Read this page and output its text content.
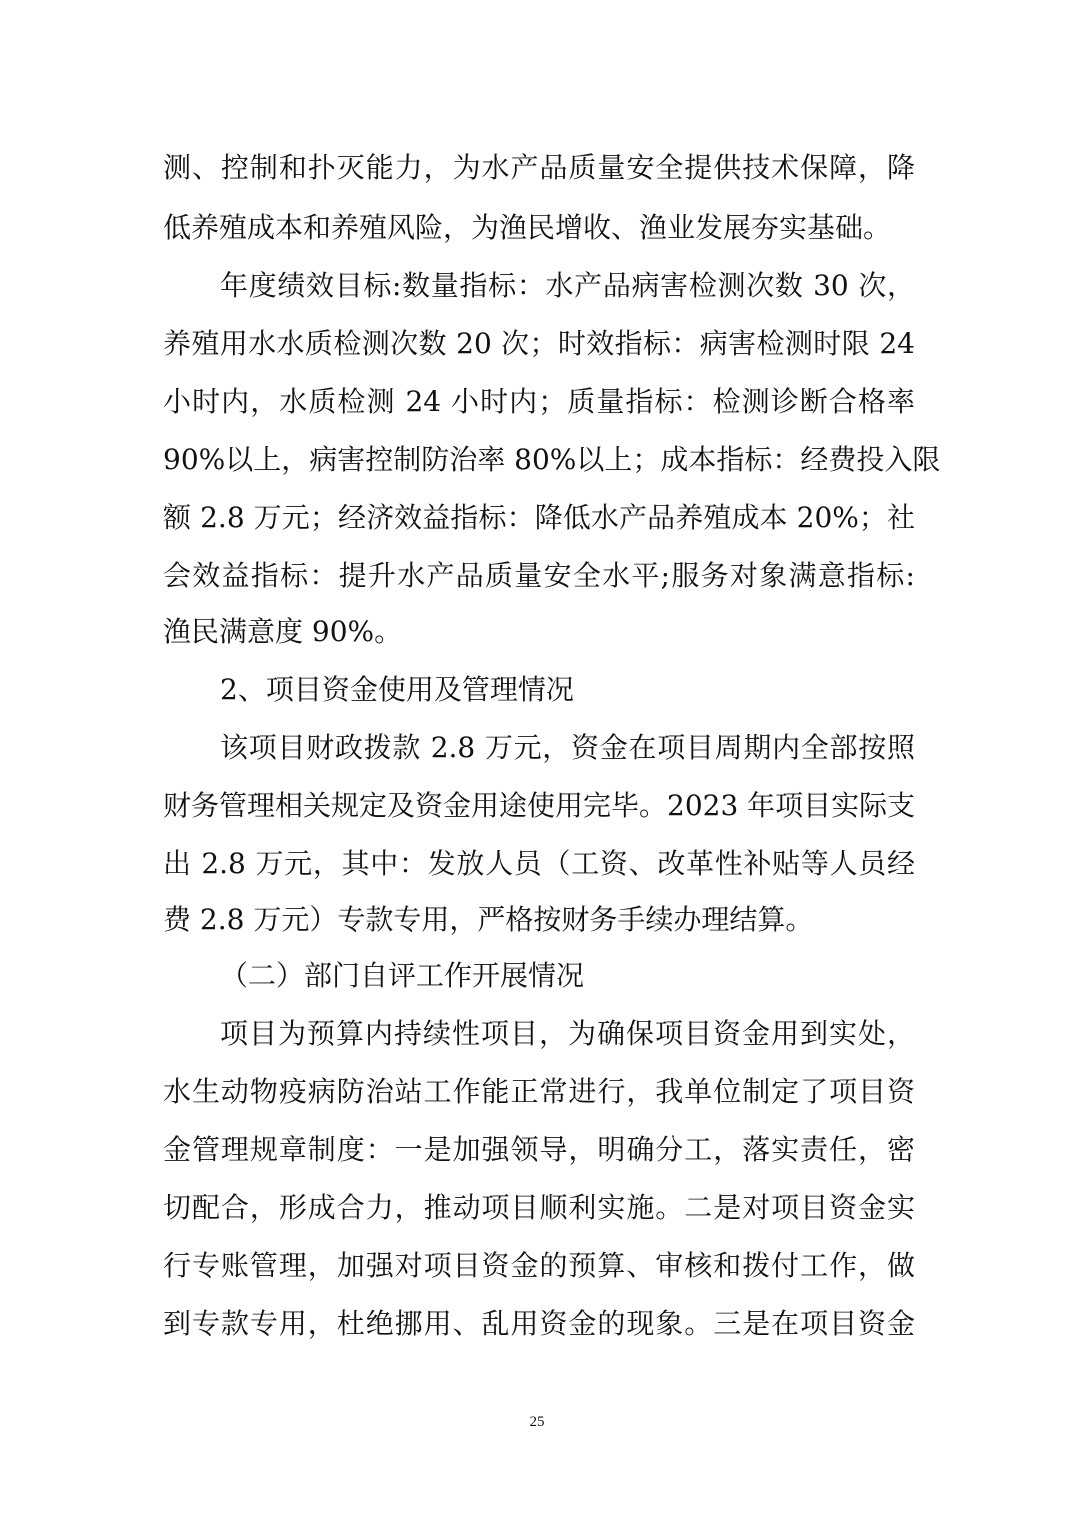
测、控制和扑灭能力，为水产品质量安全提供技术保障，降
低养殖成本和养殖风险，为渔民增收、渔业发展夯实基础。
年度绩效目标:数量指标：水产品病害检测次数 30 次，
养殖用水水质检测次数 20 次；时效指标：病害检测时限 24
小时内，水质检测 24 小时内；质量指标：检测诊断合格率
90%以上，病害控制防治率 80%以上；成本指标：经费投入限
额 2.8 万元；经济效益指标：降低水产品养殖成本 20%；社
会效益指标：提升水产品质量安全水平;服务对象满意指标:
渔民满意度 90%。
2、项目资金使用及管理情况
该项目财政拨款 2.8 万元，资金在项目周期内全部按照
财务管理相关规定及资金用途使用完毕。2023 年项目实际支
出 2.8 万元，其中：发放人员（工资、改革性补贴等人员经
费 2.8 万元）专款专用，严格按财务手续办理结算。
（二）部门自评工作开展情况
项目为预算内持续性项目，为确保项目资金用到实处，
水生动物疫病防治站工作能正常进行，我单位制定了项目资
金管理规章制度：一是加强领导，明确分工，落实责任，密
切配合，形成合力，推动项目顺利实施。二是对项目资金实
行专账管理，加强对项目资金的预算、审核和拨付工作，做
到专款专用，杜绝挪用、乱用资金的现象。三是在项目资金
25
